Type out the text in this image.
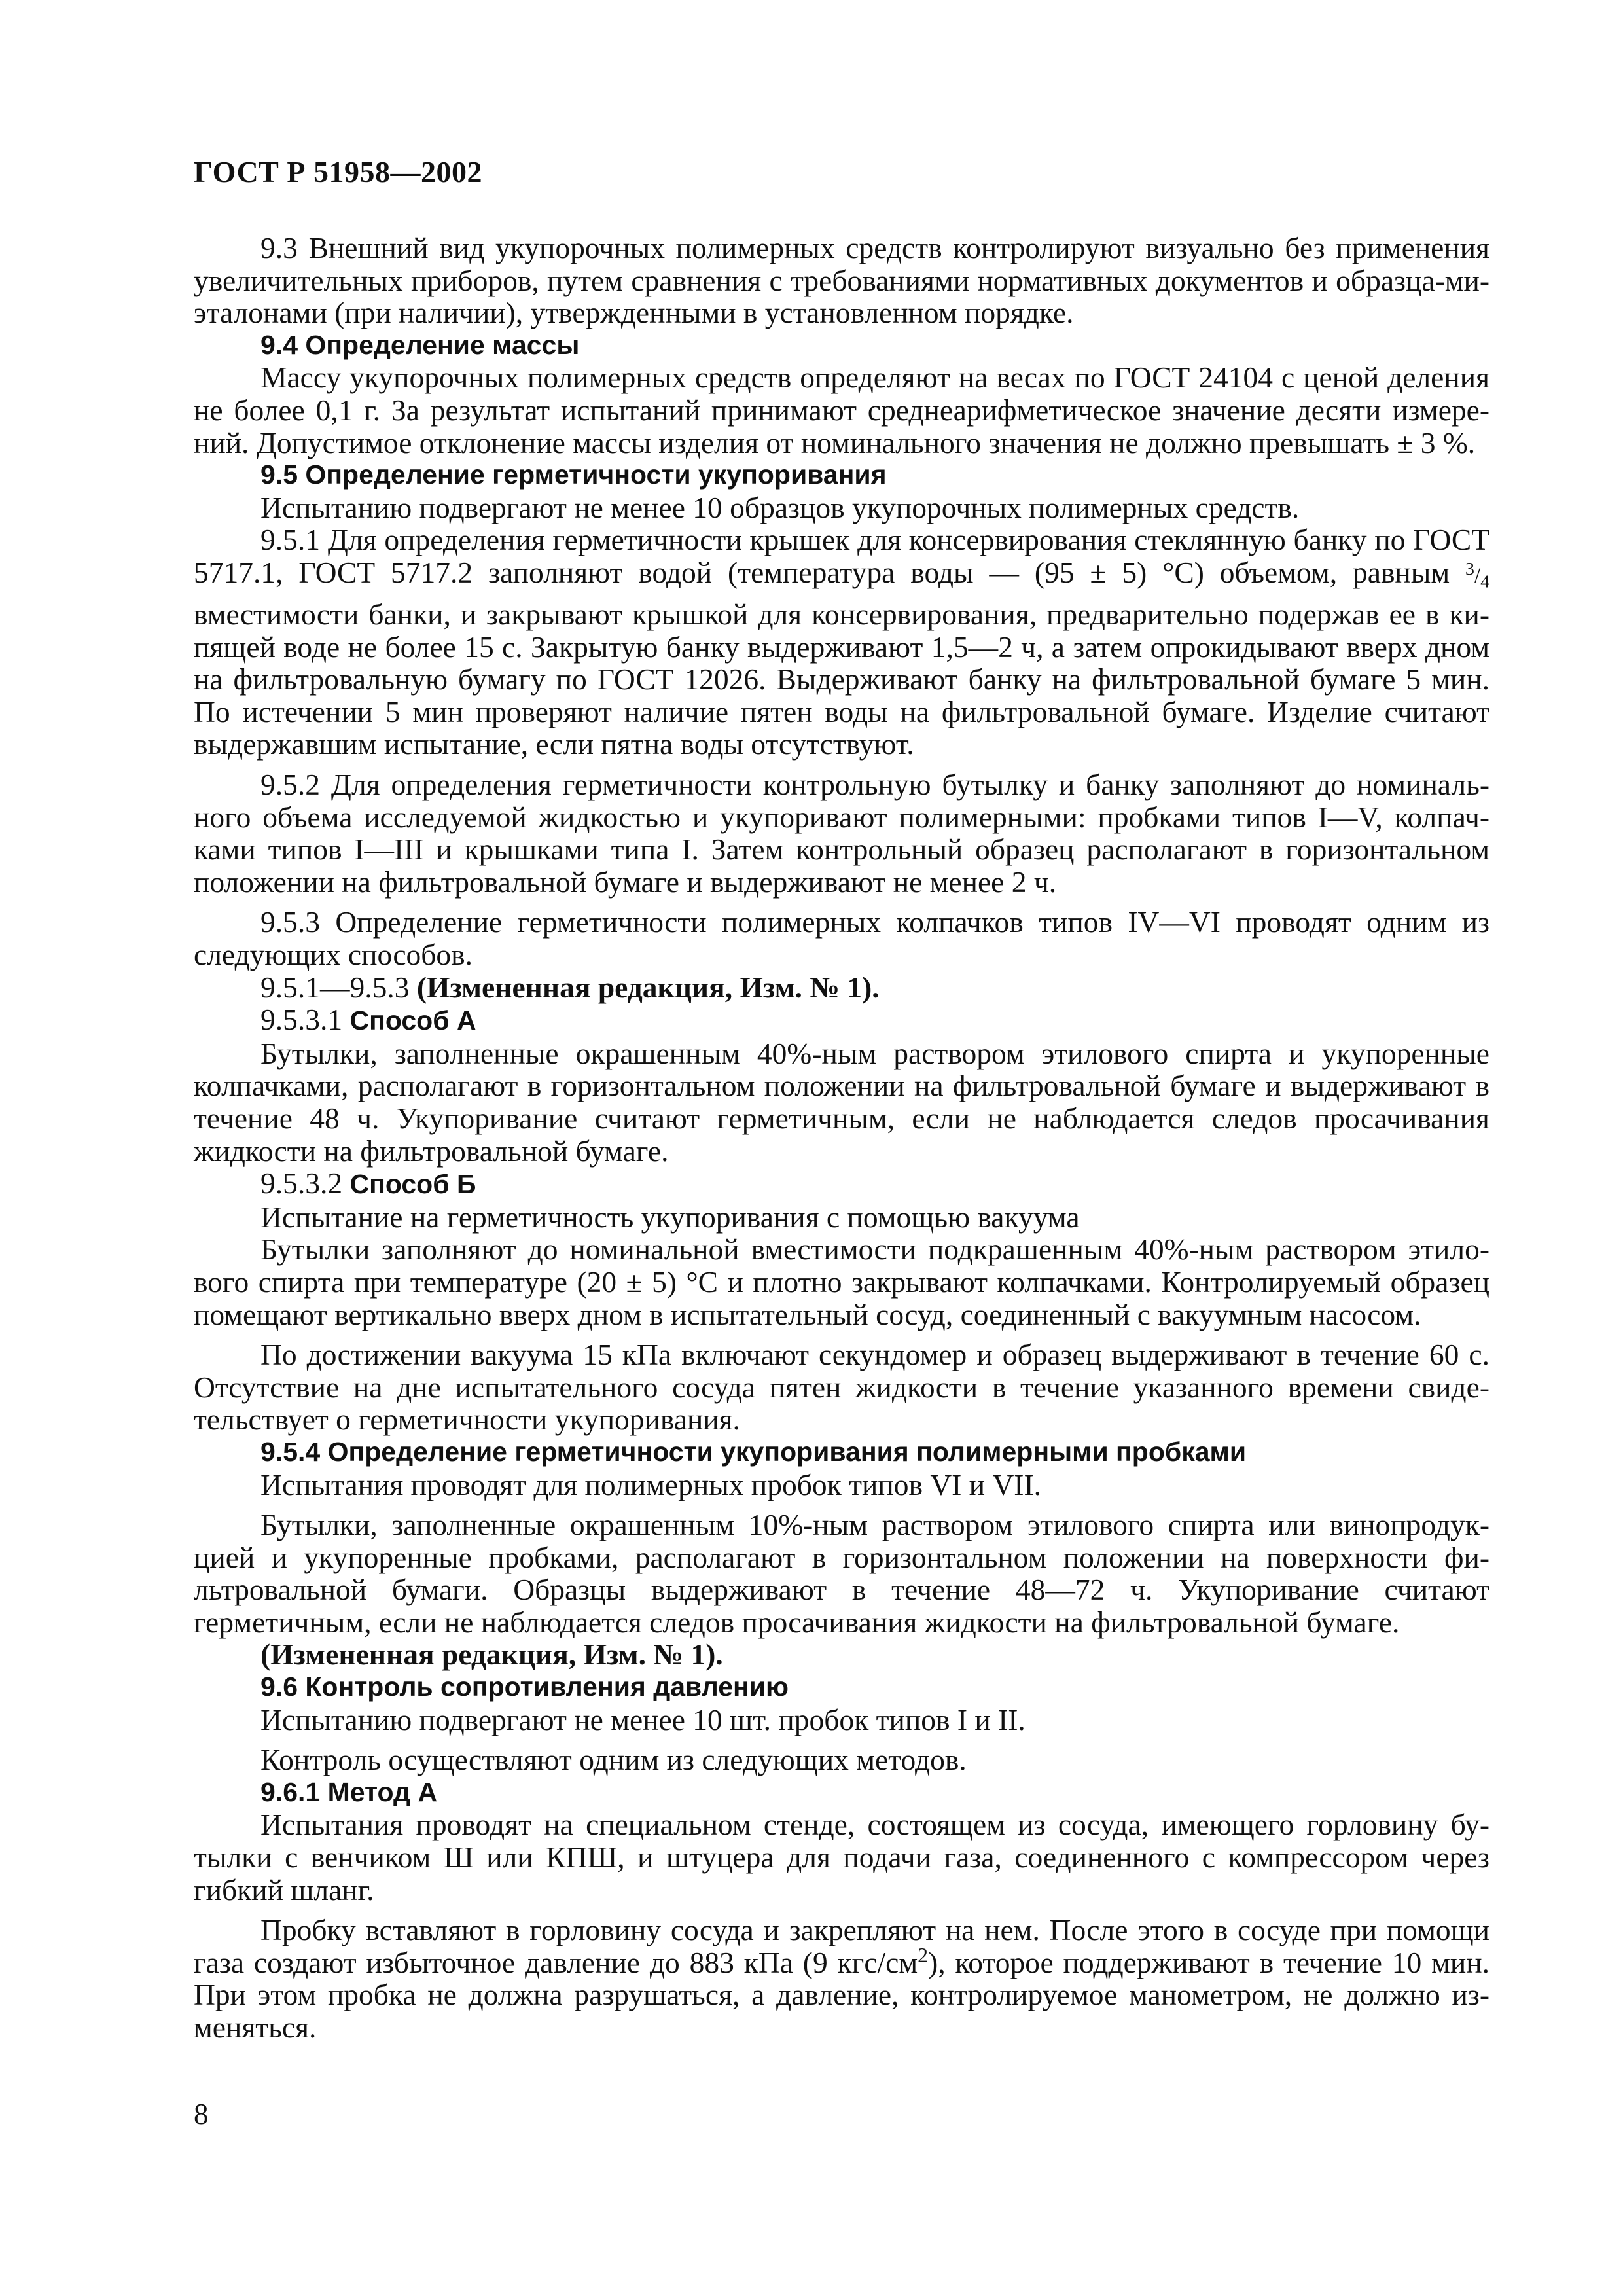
ГОСТ Р 51958—2002

9.3 Внешний вид укупорочных полимерных средств контролируют визуально без применения увеличительных приборов, путем сравнения с требованиями нормативных документов и образца-ми-эталонами (при наличии), утвержденными в установленном порядке.

9.4 Определение массы

Массу укупорочных полимерных средств определяют на весах по ГОСТ 24104 с ценой деления не более 0,1 г. За результат испытаний принимают среднеарифметическое значение десяти измере-ний. Допустимое отклонение массы изделия от номинального значения не должно превышать ± 3 %.

9.5 Определение герметичности укупоривания

Испытанию подвергают не менее 10 образцов укупорочных полимерных средств.

9.5.1 Для определения герметичности крышек для консервирования стеклянную банку по ГОСТ 5717.1, ГОСТ 5717.2 заполняют водой (температура воды — (95 ± 5) °С) объемом, равным $^3/_4$ вместимости банки, и закрывают крышкой для консервирования, предварительно подержав ее в ки-пящей воде не более 15 с. Закрытую банку выдерживают 1,5—2 ч, а затем опрокидывают вверх дном на фильтровальную бумагу по ГОСТ 12026. Выдерживают банку на фильтровальной бумаге 5 мин. По истечении 5 мин проверяют наличие пятен воды на фильтровальной бумаге. Изделие считают выдержавшим испытание, если пятна воды отсутствуют.

9.5.2 Для определения герметичности контрольную бутылку и банку заполняют до номиналь-ного объема исследуемой жидкостью и укупоривают полимерными: пробками типов I—V, колпач-ками типов I—III и крышками типа I. Затем контрольный образец располагают в горизонтальном положении на фильтровальной бумаге и выдерживают не менее 2 ч.

9.5.3 Определение герметичности полимерных колпачков типов IV—VI проводят одним из следующих способов.

9.5.1—9.5.3 (Измененная редакция, Изм. № 1).

9.5.3.1 Способ А

Бутылки, заполненные окрашенным 40%-ным раствором этилового спирта и укупоренные колпачками, располагают в горизонтальном положении на фильтровальной бумаге и выдерживают в течение 48 ч. Укупоривание считают герметичным, если не наблюдается следов просачивания жидкости на фильтровальной бумаге.

9.5.3.2 Способ Б

Испытание на герметичность укупоривания с помощью вакуума

Бутылки заполняют до номинальной вместимости подкрашенным 40%-ным раствором этило-вого спирта при температуре (20 ± 5) °С и плотно закрывают колпачками. Контролируемый образец помещают вертикально вверх дном в испытательный сосуд, соединенный с вакуумным насосом.

По достижении вакуума 15 кПа включают секундомер и образец выдерживают в течение 60 с. Отсутствие на дне испытательного сосуда пятен жидкости в течение указанного времени свиде-тельствует о герметичности укупоривания.

9.5.4 Определение герметичности укупоривания полимерными пробками

Испытания проводят для полимерных пробок типов VI и VII.

Бутылки, заполненные окрашенным 10%-ным раствором этилового спирта или винопродук-цией и укупоренные пробками, располагают в горизонтальном положении на поверхности фи-льтровальной бумаги. Образцы выдерживают в течение 48—72 ч. Укупоривание считают герметичным, если не наблюдается следов просачивания жидкости на фильтровальной бумаге.

(Измененная редакция, Изм. № 1).

9.6 Контроль сопротивления давлению

Испытанию подвергают не менее 10 шт. пробок типов I и II.

Контроль осуществляют одним из следующих методов.

9.6.1 Метод А

Испытания проводят на специальном стенде, состоящем из сосуда, имеющего горловину бу-тылки с венчиком Ш или КПШ, и штуцера для подачи газа, соединенного с компрессором через гибкий шланг.

Пробку вставляют в горловину сосуда и закрепляют на нем. После этого в сосуде при помощи газа создают избыточное давление до 883 кПа (9 кгс/$см^2$), которое поддерживают в течение 10 мин. При этом пробка не должна разрушаться, а давление, контролируемое манометром, не должно из-меняться.

8
